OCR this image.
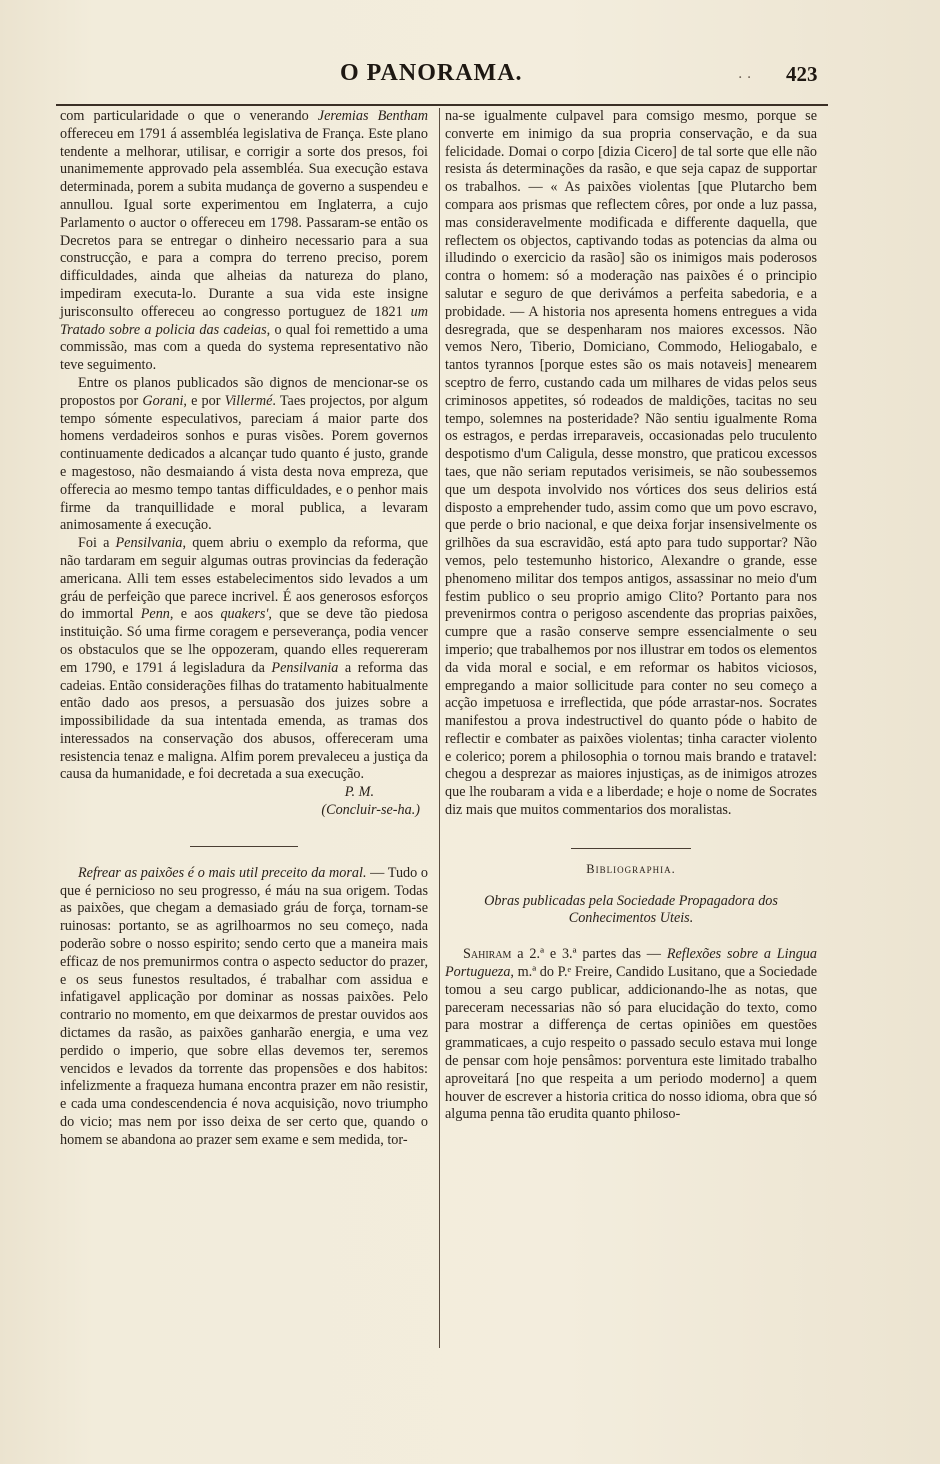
O PANORAMA.	. . 423

com particularidade o que o venerando Jeremias Bentham offereceu em 1791 á assembléa legislativa de França. Este plano tendente a melhorar, utilisar, e corrigir a sorte dos presos, foi unanimemente approvado pela assembléa. Sua execução estava determinada, porem a subita mudança de governo a suspendeu e annullou. Igual sorte experimentou em Inglaterra, a cujo Parlamento o auctor o offereceu em 1798. Passaram-se então os Decretos para se entregar o dinheiro necessario para a sua construcção, e para a compra do terreno preciso, porem difficuldades, ainda que alheias da natureza do plano, impediram executa-lo. Durante a sua vida este insigne jurisconsulto offereceu ao congresso portuguez de 1821 um Tratado sobre a policia das cadeias, o qual foi remettido a uma commissão, mas com a queda do systema representativo não teve seguimento.

Entre os planos publicados são dignos de mencionar-se os propostos por Gorani, e por Villermé. Taes projectos, por algum tempo sómente especulativos, pareciam á maior parte dos homens verdadeiros sonhos e puras visões. Porem governos continuamente dedicados a alcançar tudo quanto é justo, grande e magestoso, não desmaiando á vista desta nova empreza, que offerecia ao mesmo tempo tantas difficuldades, e o penhor mais firme da tranquillidade e moral publica, a levaram animosamente á execução.

Foi a Pensilvania, quem abriu o exemplo da reforma, que não tardaram em seguir algumas outras provincias da federação americana. Alli tem esses estabelecimentos sido levados a um gráu de perfeição que parece incrivel. É aos generosos esforços do immortal Penn, e aos quakers', que se deve tão piedosa instituição. Só uma firme coragem e perseverança, podia vencer os obstaculos que se lhe oppozeram, quando elles requereram em 1790, e 1791 á legisladura da Pensilvania a reforma das cadeias. Então considerações filhas do tratamento habitualmente então dado aos presos, a persuasão dos juizes sobre a impossibilidade da sua intentada emenda, as tramas dos interessados na conservação dos abusos, offereceram uma resistencia tenaz e maligna. Alfim porem prevaleceu a justiça da causa da humanidade, e foi decretada a sua execução.

P. M.

(Concluir-se-ha.)

Refrear as paixões é o mais util preceito da moral. — Tudo o que é pernicioso no seu progresso, é máu na sua origem. Todas as paixões, que chegam a demasiado gráu de força, tornam-se ruinosas: portanto, se as agrilhoarmos no seu começo, nada poderão sobre o nosso espirito; sendo certo que a maneira mais efficaz de nos premunirmos contra o aspecto seductor do prazer, e os seus funestos resultados, é trabalhar com assidua e infatigavel applicação por dominar as nossas paixões. Pelo contrario no momento, em que deixarmos de prestar ouvidos aos dictames da rasão, as paixões ganharão energia, e uma vez perdido o imperio, que sobre ellas devemos ter, seremos vencidos e levados da torrente das propensões e dos habitos: infelizmente a fraqueza humana encontra prazer em não resistir, e cada uma condescendencia é nova acquisição, novo triumpho do vicio; mas nem por isso deixa de ser certo que, quando o homem se abandona ao prazer sem exame e sem medida, tor-

na-se igualmente culpavel para comsigo mesmo, porque se converte em inimigo da sua propria conservação, e da sua felicidade. Domai o corpo [dizia Cicero] de tal sorte que elle não resista ás determinações da rasão, e que seja capaz de supportar os trabalhos. — « As paixões violentas [que Plutarcho bem compara aos prismas que reflectem côres, por onde a luz passa, mas consideravelmente modificada e differente daquella, que reflectem os objectos, captivando todas as potencias da alma ou illudindo o exercicio da rasão] são os inimigos mais poderosos contra o homem: só a moderação nas paixões é o principio salutar e seguro de que derivámos a perfeita sabedoria, e a probidade. — A historia nos apresenta homens entregues a vida desregrada, que se despenharam nos maiores excessos. Não vemos Nero, Tiberio, Domiciano, Commodo, Heliogabalo, e tantos tyrannos [porque estes são os mais notaveis] menearem sceptro de ferro, custando cada um milhares de vidas pelos seus criminosos appetites, só rodeados de maldições, tacitas no seu tempo, solemnes na posteridade? Não sentiu igualmente Roma os estragos, e perdas irreparaveis, occasionadas pelo truculento despotismo d'um Caligula, desse monstro, que praticou excessos taes, que não seriam reputados verisimeis, se não soubessemos que um despota involvido nos vórtices dos seus delirios está disposto a emprehender tudo, assim como que um povo escravo, que perde o brio nacional, e que deixa forjar insensivelmente os grilhões da sua escravidão, está apto para tudo supportar? Não vemos, pelo testemunho historico, Alexandre o grande, esse phenomeno militar dos tempos antigos, assassinar no meio d'um festim publico o seu proprio amigo Clito? Portanto para nos prevenirmos contra o perigoso ascendente das proprias paixões, cumpre que a rasão conserve sempre essencialmente o seu imperio; que trabalhemos por nos illustrar em todos os elementos da vida moral e social, e em reformar os habitos viciosos, empregando a maior sollicitude para conter no seu começo a acção impetuosa e irreflectida, que póde arrastar-nos. Socrates manifestou a prova indestructivel do quanto póde o habito de reflectir e combater as paixões violentas; tinha caracter violento e colerico; porem a philosophia o tornou mais brando e tratavel: chegou a desprezar as maiores injustiças, as de inimigos atrozes que lhe roubaram a vida e a liberdade; e hoje o nome de Socrates diz mais que muitos commentarios dos moralistas.

Bibliographia.
Obras publicadas pela Sociedade Propagadora dos Conhecimentos Uteis.

Sahiram a 2.ª e 3.ª partes das — Reflexões sobre a Lingua Portugueza, m.ª do P.ᵉ Freire, Candido Lusitano, que a Sociedade tomou a seu cargo publicar, addicionando-lhe as notas, que pareceram necessarias não só para elucidação do texto, como para mostrar a differença de certas opiniões em questões grammaticaes, a cujo respeito o passado seculo estava mui longe de pensar com hoje pensâmos: porventura este limitado trabalho aproveitará [no que respeita a um periodo moderno] a quem houver de escrever a historia critica do nosso idioma, obra que só alguma penna tão erudita quanto philoso-
